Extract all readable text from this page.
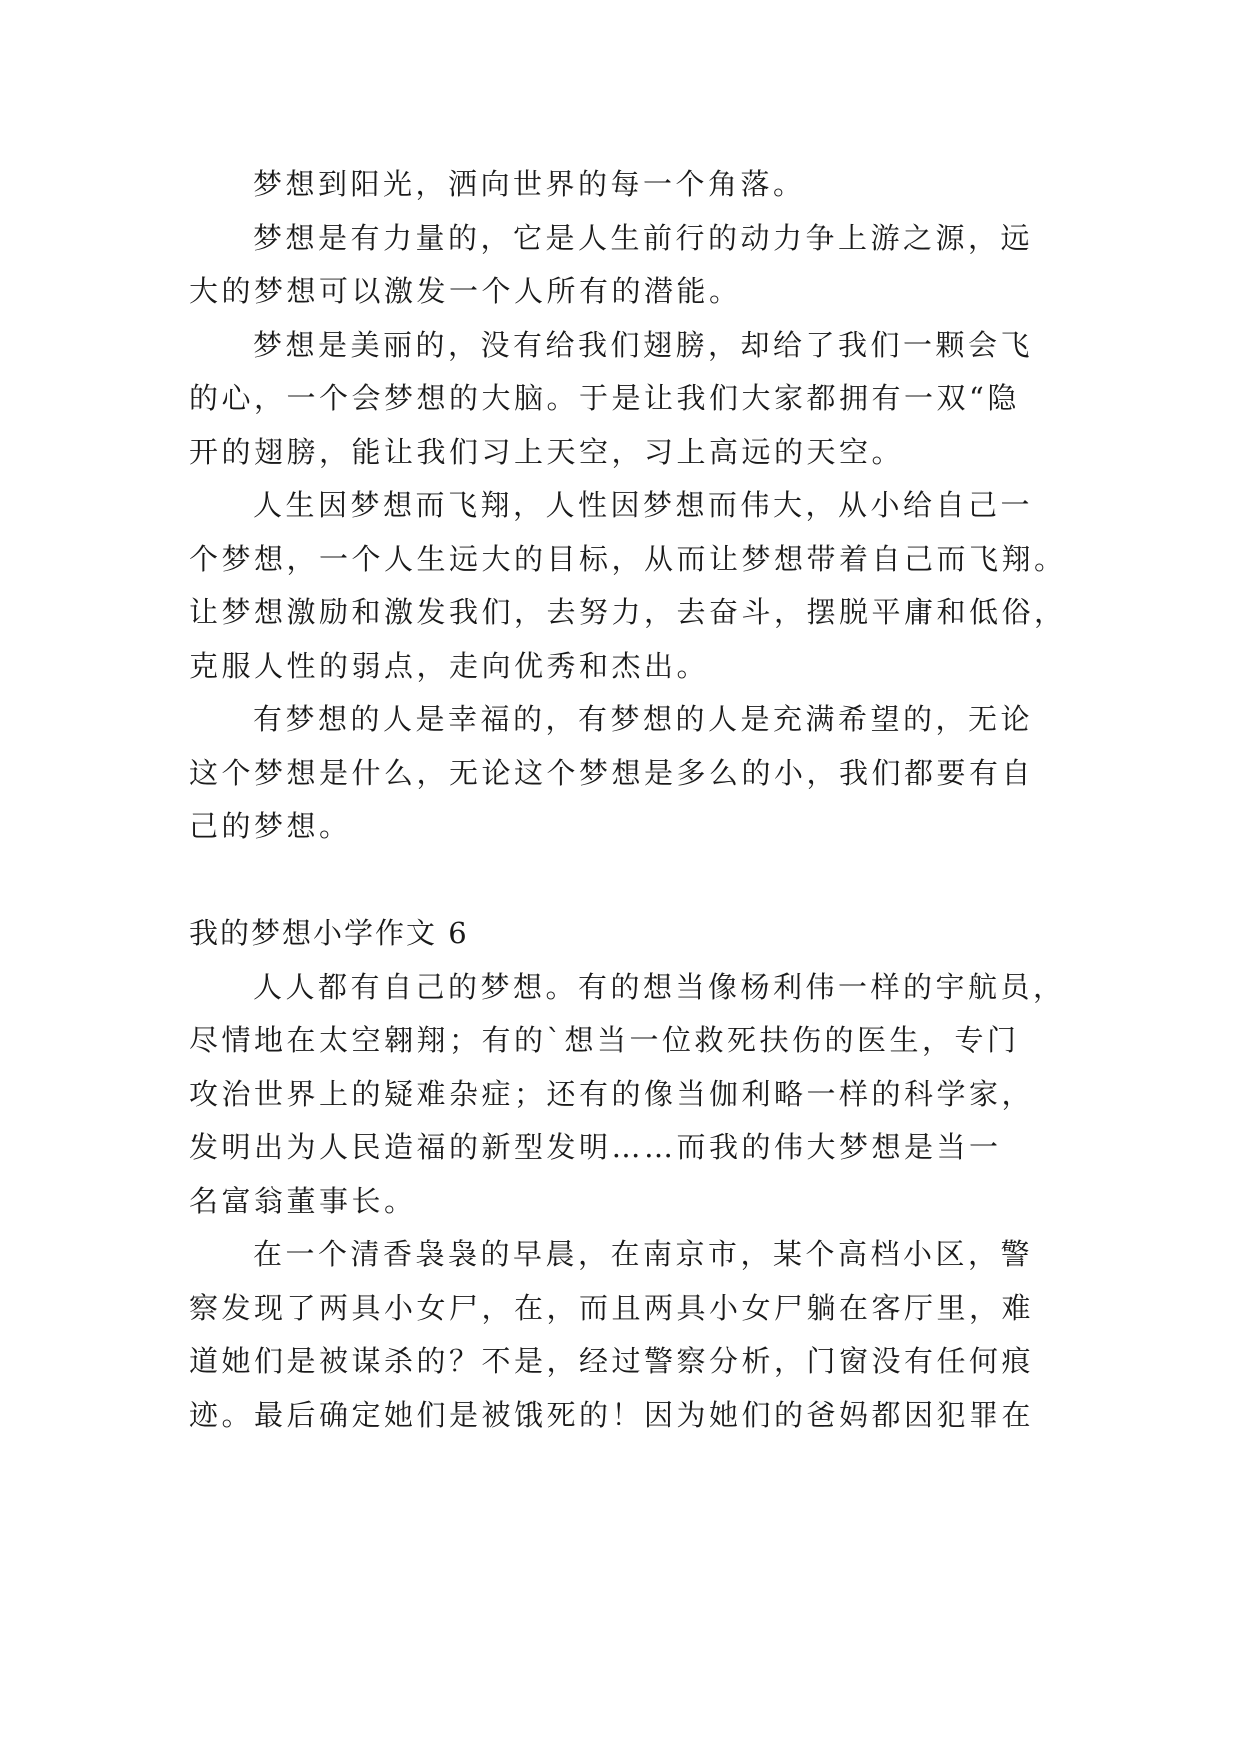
梦想到阳光，洒向世界的每一个角落。
梦想是有力量的，它是人生前行的动力争上游之源，远
大的梦想可以激发一个人所有的潜能。
梦想是美丽的，没有给我们翅膀，却给了我们一颗会飞
的心，一个会梦想的大脑。于是让我们大家都拥有一双“隐
开的翅膀，能让我们习上天空，习上高远的天空。
人生因梦想而飞翔，人性因梦想而伟大，从小给自己一
个梦想，一个人生远大的目标，从而让梦想带着自己而飞翔。
让梦想激励和激发我们，去努力，去奋斗，摆脱平庸和低俗，
克服人性的弱点，走向优秀和杰出。
有梦想的人是幸福的，有梦想的人是充满希望的，无论
这个梦想是什么，无论这个梦想是多么的小，我们都要有自
己的梦想。
我的梦想小学作文 6
人人都有自己的梦想。有的想当像杨利伟一样的宇航员，
尽情地在太空翱翔；有的`想当一位救死扶伤的医生，专门
攻治世界上的疑难杂症；还有的像当伽利略一样的科学家，
发明出为人民造福的新型发明……而我的伟大梦想是当一
名富翁董事长。
在一个清香袅袅的早晨，在南京市，某个高档小区，警
察发现了两具小女尸，在，而且两具小女尸躺在客厅里，难
道她们是被谋杀的？不是，经过警察分析，门窗没有任何痕
迹。最后确定她们是被饿死的！因为她们的爸妈都因犯罪在
